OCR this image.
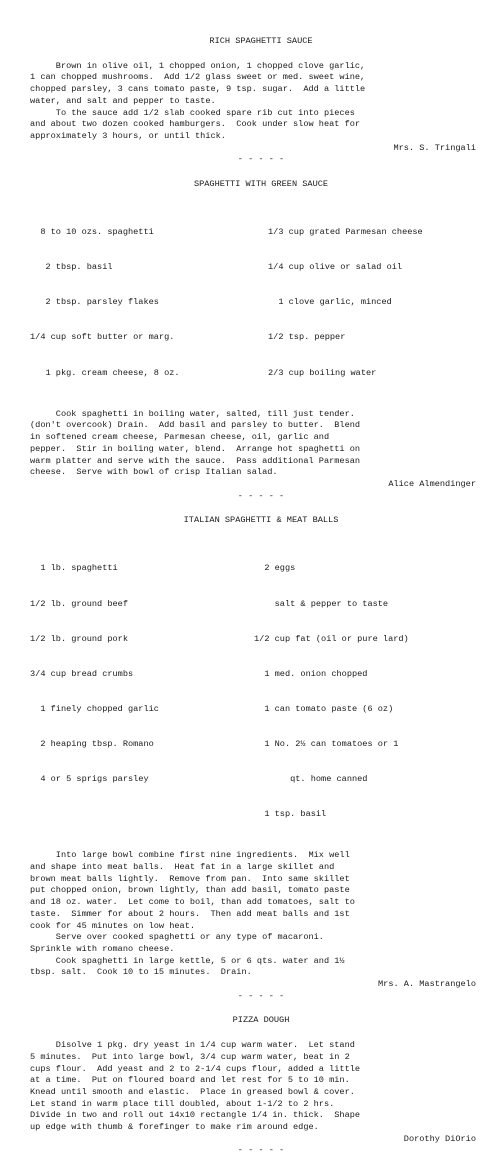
RICH SPAGHETTI SAUCE

Brown in olive oil, 1 chopped onion, 1 chopped clove garlic,

1 can chopped mushrooms.  Add 1/2 glass sweet or med. sweet wine,

chopped parsley, 3 cans tomato paste, 9 tsp. sugar.  Add a little

water, and salt and pepper to taste.

To the sauce add 1/2 slab cooked spare rib cut into pieces

and about two dozen cooked hamburgers.  Cook under slow heat for

approximately 3 hours, or until thick.

Mrs. S. Tringali

- - - - -

SPAGHETTI WITH GREEN SAUCE

8 to 10 ozs. spaghetti

2 tbsp. basil

2 tbsp. parsley flakes

1/4 cup soft butter or marg.

1 pkg. cream cheese, 8 oz.

1/3 cup grated Parmesan cheese

1/4 cup olive or salad oil

1 clove garlic, minced

1/2 tsp. pepper

2/3 cup boiling water

Cook spaghetti in boiling water, salted, till just tender.

(don't overcook) Drain.  Add basil and parsley to butter.  Blend

in softened cream cheese, Parmesan cheese, oil, garlic and

pepper.  Stir in boiling water, blend.  Arrange hot spaghetti on

warm platter and serve with the sauce.  Pass additional Parmesan

cheese.  Serve with bowl of crisp Italian salad.

Alice Almendinger

- - - - -

ITALIAN SPAGHETTI & MEAT BALLS

1 lb. spaghetti

1/2 lb. ground beef

1/2 lb. ground pork

3/4 cup bread crumbs

1 finely chopped garlic

2 heaping tbsp. Romano

4 or 5 sprigs parsley

2 eggs

salt & pepper to taste

1/2 cup fat (oil or pure lard)

1 med. onion chopped

1 can tomato paste (6 oz)

1 No. 2½ can tomatoes or 1

qt. home canned

1 tsp. basil

Into large bowl combine first nine ingredients.  Mix well

and shape into meat balls.  Heat fat in a large skillet and

brown meat balls lightly.  Remove from pan.  Into same skillet

put chopped onion, brown lightly, than add basil, tomato paste

and 18 oz. water.  Let come to boil, than add tomatoes, salt to

taste.  Simmer for about 2 hours.  Then add meat balls and 1st

cook for 45 minutes on low heat.

Serve over cooked spaghetti or any type of macaroni.

Sprinkle with romano cheese.

Cook spaghetti in large kettle, 5 or 6 qts. water and 1½

tbsp. salt.  Cook 10 to 15 minutes.  Drain.

Mrs. A. Mastrangelo

- - - - -

PIZZA DOUGH

Disolve 1 pkg. dry yeast in 1/4 cup warm water.  Let stand

5 minutes.  Put into large bowl, 3/4 cup warm water, beat in 2

cups flour.  Add yeast and 2 to 2-1/4 cups flour, added a little

at a time.  Put on floured board and let rest for 5 to 10 min.

Knead until smooth and elastic.  Place in greased bowl & cover.

Let stand in warm place till doubled, about 1-1/2 to 2 hrs.

Divide in two and roll out 14x10 rectangle 1/4 in. thick.  Shape

up edge with thumb & forefinger to make rim around edge.

Dorothy DiOrio

- - - - -
